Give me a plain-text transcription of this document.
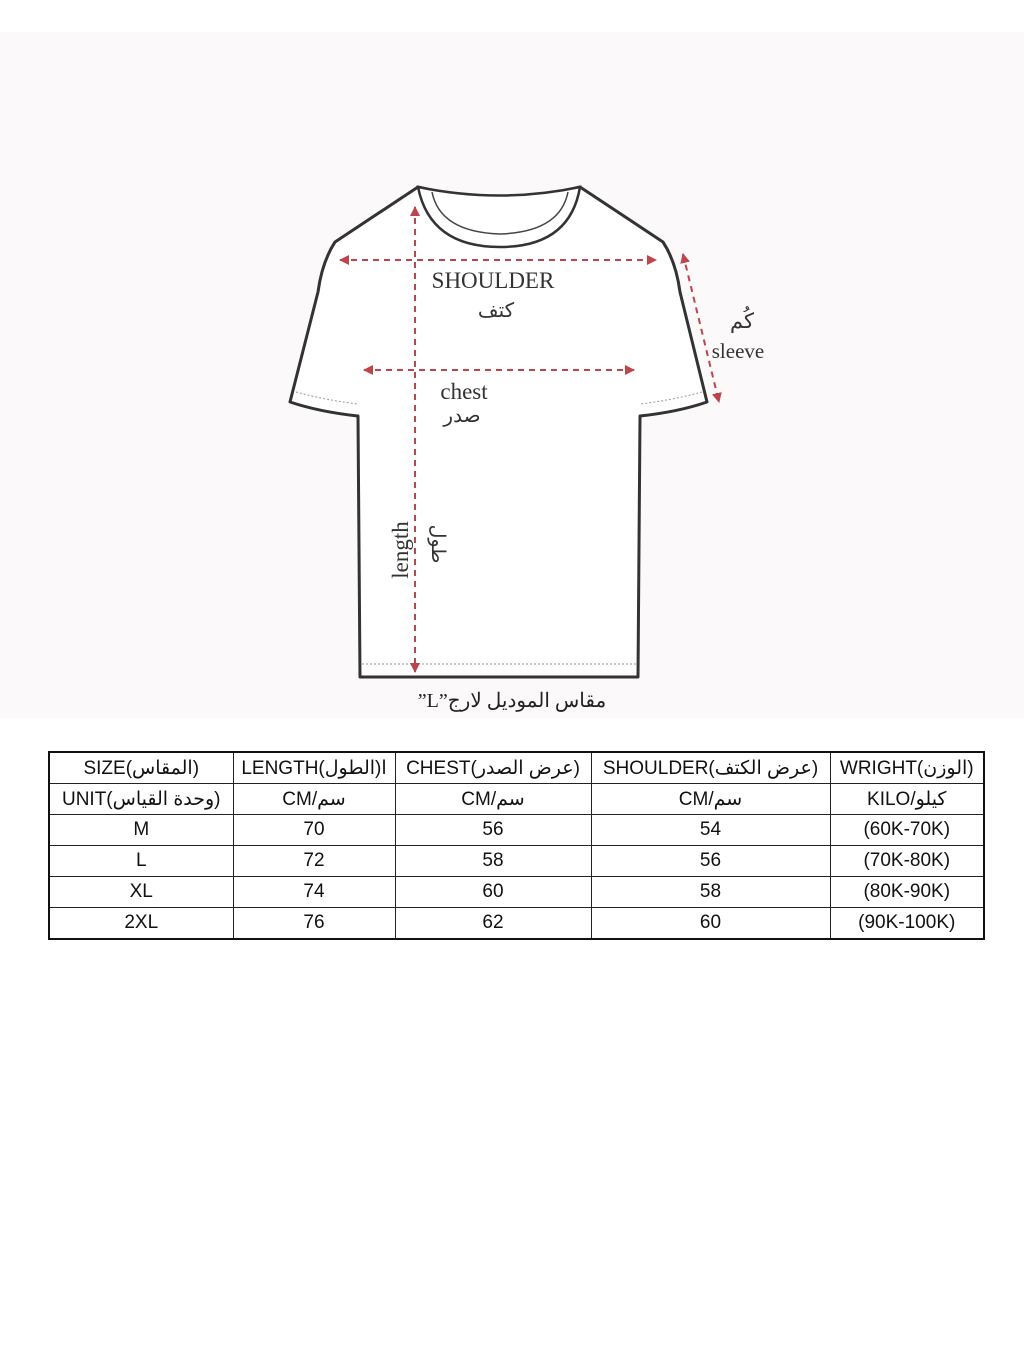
SHOULDER
كتف
chest
صدر
كُم
sleeve
length طول
مقاس الموديل لارج”L”
SIZE(المقاس)	LENGTH(الطول)ا	CHEST(عرض الصدر)	SHOULDER(عرض الكتف)	WRIGHT(الوزن)
UNIT(وحدة القياس)	CM/سم	CM/سم	CM/سم	KILO/كيلو
M	70	56	54	(60K-70K)
L	72	58	56	(70K-80K)
XL	74	60	58	(80K-90K)
2XL	76	62	60	(90K-100K)
